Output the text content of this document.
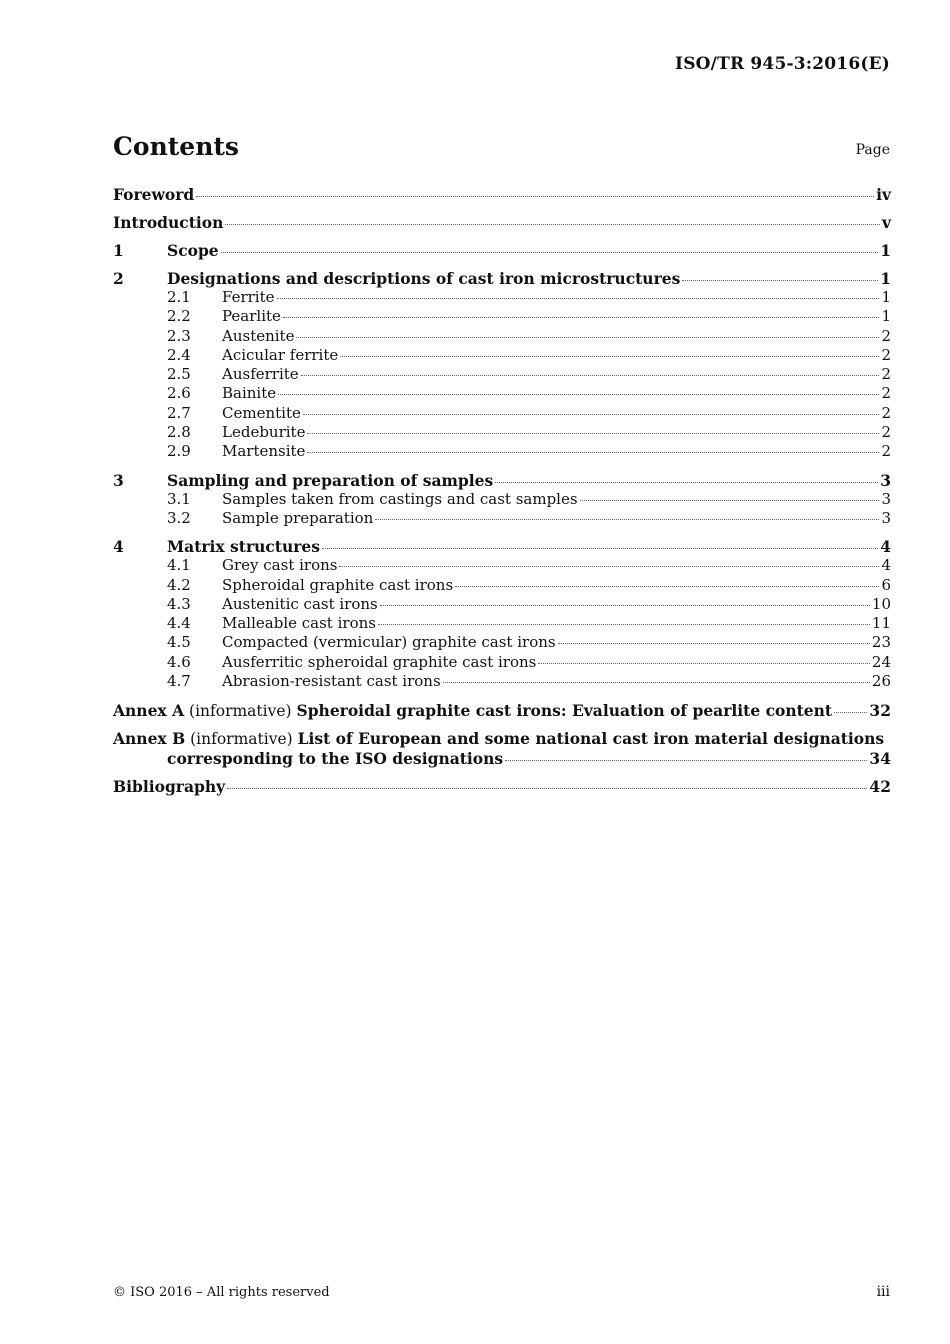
ISO/TR 945-3:2016(E)
Contents	Page
Foreword	iv
Introduction	v
1	Scope	1
2	Designations and descriptions of cast iron microstructures	1
2.1	Ferrite	1
2.2	Pearlite	1
2.3	Austenite	2
2.4	Acicular ferrite	2
2.5	Ausferrite	2
2.6	Bainite	2
2.7	Cementite	2
2.8	Ledeburite	2
2.9	Martensite	2
3	Sampling and preparation of samples	3
3.1	Samples taken from castings and cast samples	3
3.2	Sample preparation	3
4	Matrix structures	4
4.1	Grey cast irons	4
4.2	Spheroidal graphite cast irons	6
4.3	Austenitic cast irons	10
4.4	Malleable cast irons	11
4.5	Compacted (vermicular) graphite cast irons	23
4.6	Ausferritic spheroidal graphite cast irons	24
4.7	Abrasion-resistant cast irons	26
Annex A (informative) Spheroidal graphite cast irons: Evaluation of pearlite content 32
Annex B (informative) List of European and some national cast iron material designations
corresponding to the ISO designations	34
Bibliography	42
© ISO 2016 – All rights reserved	iii
